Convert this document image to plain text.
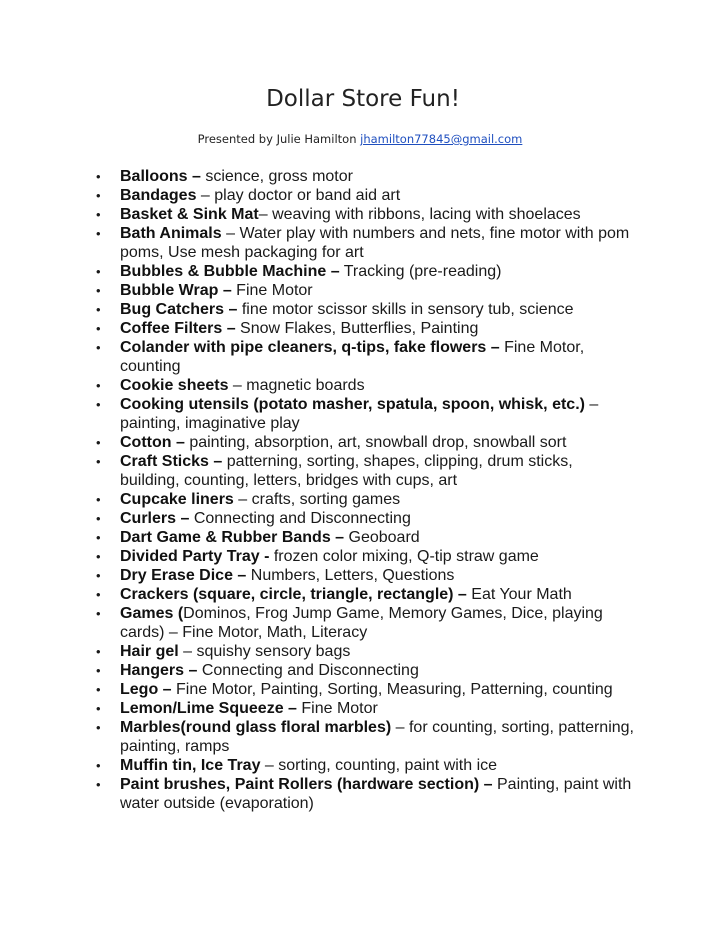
Dollar Store Fun!
Presented by Julie Hamilton jhamilton77845@gmail.com
• Balloons – science, gross motor
• Bandages – play doctor or band aid art
• Basket & Sink Mat– weaving with ribbons, lacing with shoelaces
• Bath Animals – Water play with numbers and nets, fine motor with pom poms, Use mesh packaging for art
• Bubbles & Bubble Machine – Tracking (pre-reading)
• Bubble Wrap – Fine Motor
• Bug Catchers – fine motor scissor skills in sensory tub, science
• Coffee Filters – Snow Flakes, Butterflies, Painting
• Colander with pipe cleaners, q-tips, fake flowers – Fine Motor, counting
• Cookie sheets – magnetic boards
• Cooking utensils (potato masher, spatula, spoon, whisk, etc.) – painting, imaginative play
• Cotton – painting, absorption, art, snowball drop, snowball sort
• Craft Sticks – patterning, sorting, shapes, clipping, drum sticks, building, counting, letters, bridges with cups, art
• Cupcake liners – crafts, sorting games
• Curlers – Connecting and Disconnecting
• Dart Game & Rubber Bands – Geoboard
• Divided Party Tray - frozen color mixing, Q-tip straw game
• Dry Erase Dice – Numbers, Letters, Questions
• Crackers (square, circle, triangle, rectangle) – Eat Your Math
• Games (Dominos, Frog Jump Game, Memory Games, Dice, playing cards) – Fine Motor, Math, Literacy
• Hair gel – squishy sensory bags
• Hangers – Connecting and Disconnecting
• Lego – Fine Motor, Painting, Sorting, Measuring, Patterning, counting
• Lemon/Lime Squeeze – Fine Motor
• Marbles(round glass floral marbles) – for counting, sorting, patterning, painting, ramps
• Muffin tin, Ice Tray – sorting, counting, paint with ice
• Paint brushes, Paint Rollers (hardware section) – Painting, paint with water outside (evaporation)
